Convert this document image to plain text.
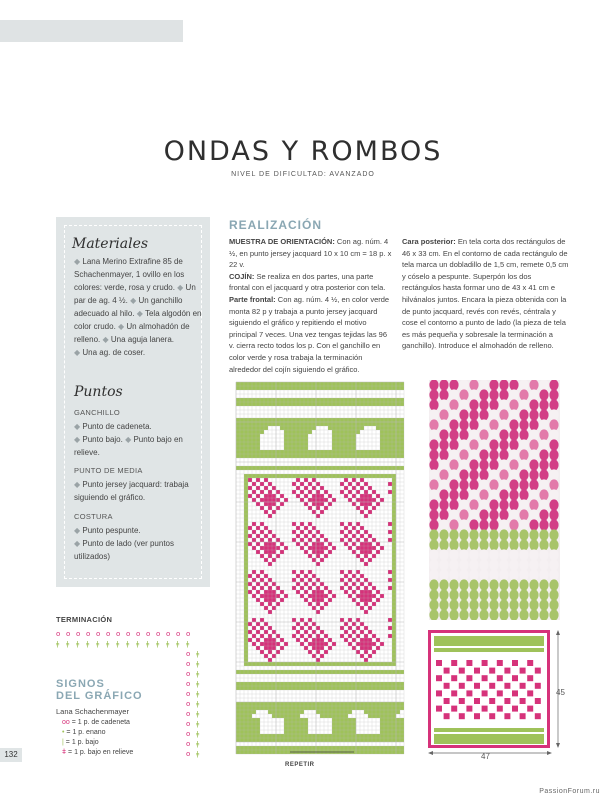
ONDAS Y ROMBOS
NIVEL DE DIFICULTAD: AVANZADO
Materiales
◆ Lana Merino Extrafine 85 de Schachenmayer, 1 ovillo en los colores: verde, rosa y crudo. ◆ Un par de ag. 4 ½. ◆ Un ganchillo adecuado al hilo. ◆ Tela algodón en color crudo. ◆ Un almohadón de relleno. ◆ Una aguja lanera.
◆ Una ag. de coser.
Puntos
GANCHILLO
◆ Punto de cadeneta.
◆ Punto bajo. ◆ Punto bajo en relieve.
PUNTO DE MEDIA
◆ Punto jersey jacquard: trabaja siguiendo el gráfico.
COSTURA
◆ Punto pespunte.
◆ Punto de lado (ver puntos utilizados)
REALIZACIÓN
MUESTRA DE ORIENTACIÓN: Con ag. núm. 4 ½, en punto jersey jacquard 10 x 10 cm = 18 p. x 22 v.
COJÍN: Se realiza en dos partes, una parte frontal con el jacquard y otra posterior con tela. Parte frontal: Con ag. núm. 4 ½, en color verde monta 82 p y trabaja a punto jersey jacquard siguiendo el gráfico y repitiendo el motivo principal 7 veces. Una vez tengas tejidas las 96 v. cierra recto todos los p. Con el ganchillo en color verde y rosa trabaja la terminación alrededor del cojín siguiendo el gráfico.
Cara posterior: En tela corta dos rectángulos de 46 x 33 cm. En el contorno de cada rectángulo de tela marca un dobladillo de 1,5 cm, remete 0,5 cm y cóselo a pespunte. Superpón los dos rectángulos hasta formar uno de 43 x 41 cm e hilvánalos juntos. Encara la pieza obtenida con la de punto jacquard, revés con revés, céntrala y cose el contorno a punto de lado (la pieza de tela es más pequeña y sobresale la terminación a ganchillo). Introduce el almohadón de relleno.
REPETIR
47
45
TERMINACIÓN
o o o o o o o o o o o o o o
ǂ ǂ ǂ ǂ ǂ ǂ ǂ ǂ ǂ ǂ ǂ ǂ ǂ ǂ
o ǂ
o ǂ
o ǂ
o ǂ
o ǂ
o ǂ
o ǂ
o ǂ
o ǂ
o ǂ
o ǂ
SIGNOS
DEL GRÁFICO
Lana Schachenmayer
oo = 1 p. de cadeneta
• = 1 p. enano
| = 1 p. bajo
ǂ = 1 p. bajo en relieve
132
PassionForum.ru
